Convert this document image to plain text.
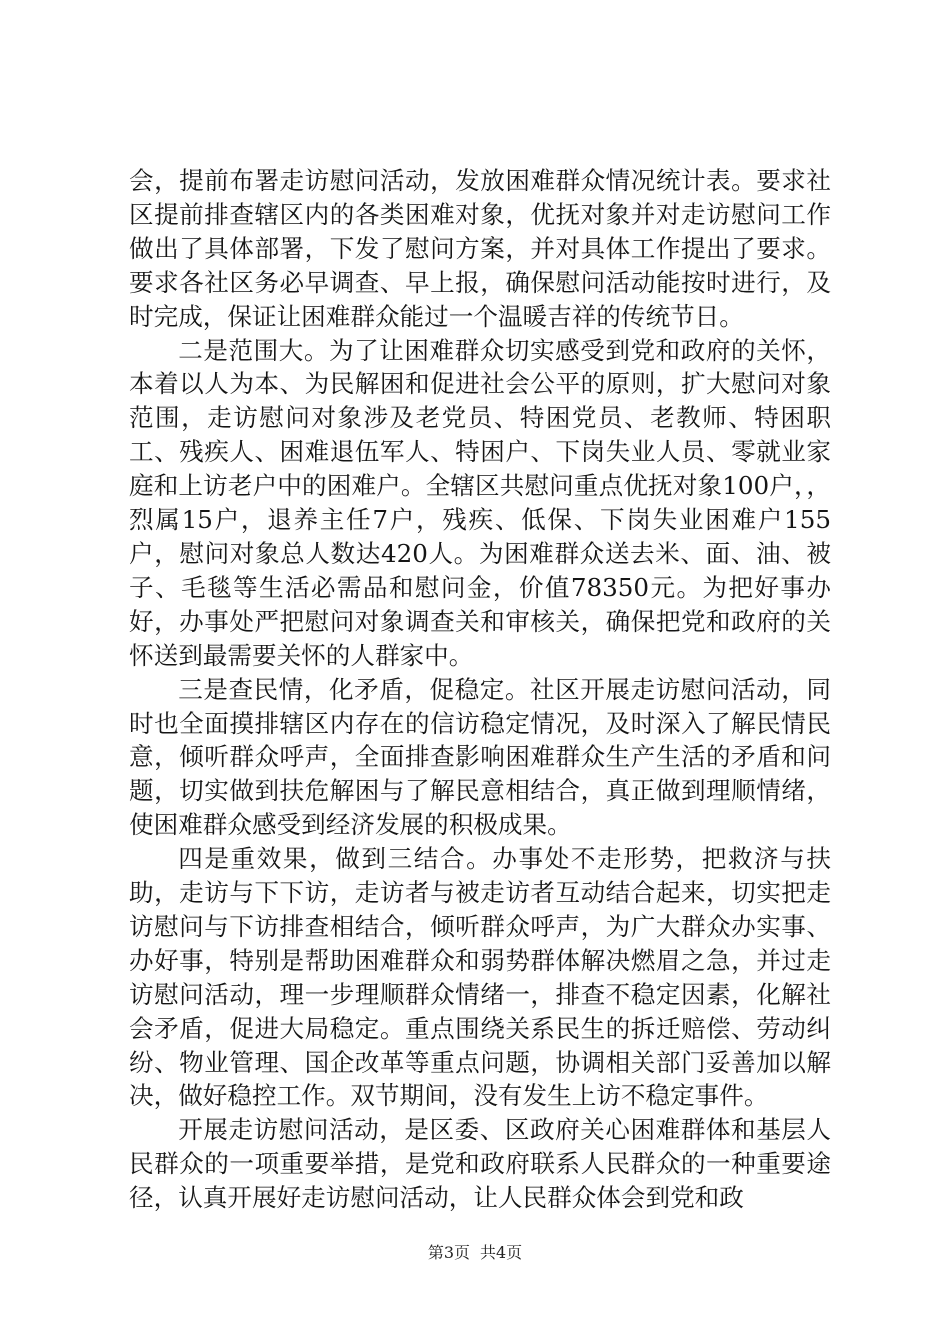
会，提前布署走访慰问活动，发放困难群众情况统计表。要求社区提前排查辖区内的各类困难对象，优抚对象并对走访慰问工作做出了具体部署，下发了慰问方案，并对具体工作提出了要求。要求各社区务必早调查、早上报，确保慰问活动能按时进行，及时完成，保证让困难群众能过一个温暖吉祥的传统节日。

二是范围大。为了让困难群众切实感受到党和政府的关怀，本着以人为本、为民解困和促进社会公平的原则，扩大慰问对象范围，走访慰问对象涉及老党员、特困党员、老教师、特困职工、残疾人、困难退伍军人、特困户、下岗失业人员、零就业家庭和上访老户中的困难户。全辖区共慰问重点优抚对象100户，，烈属15户，退养主任7户，残疾、低保、下岗失业困难户155户，慰问对象总人数达420人。为困难群众送去米、面、油、被子、毛毯等生活必需品和慰问金，价值78350元。为把好事办好，办事处严把慰问对象调查关和审核关，确保把党和政府的关怀送到最需要关怀的人群家中。

三是查民情，化矛盾，促稳定。社区开展走访慰问活动，同时也全面摸排辖区内存在的信访稳定情况，及时深入了解民情民意，倾听群众呼声，全面排查影响困难群众生产生活的矛盾和问题，切实做到扶危解困与了解民意相结合，真正做到理顺情绪，使困难群众感受到经济发展的积极成果。

四是重效果，做到三结合。办事处不走形势，把救济与扶助，走访与下下访，走访者与被走访者互动结合起来，切实把走访慰问与下访排查相结合，倾听群众呼声，为广大群众办实事、办好事，特别是帮助困难群众和弱势群体解决燃眉之急，并过走访慰问活动，理一步理顺群众情绪一，排查不稳定因素，化解社会矛盾，促进大局稳定。重点围绕关系民生的拆迁赔偿、劳动纠纷、物业管理、国企改革等重点问题，协调相关部门妥善加以解决，做好稳控工作。双节期间，没有发生上访不稳定事件。

开展走访慰问活动，是区委、区政府关心困难群体和基层人民群众的一项重要举措，是党和政府联系人民群众的一种重要途径，认真开展好走访慰问活动，让人民群众体会到党和政

第3页 共4页
